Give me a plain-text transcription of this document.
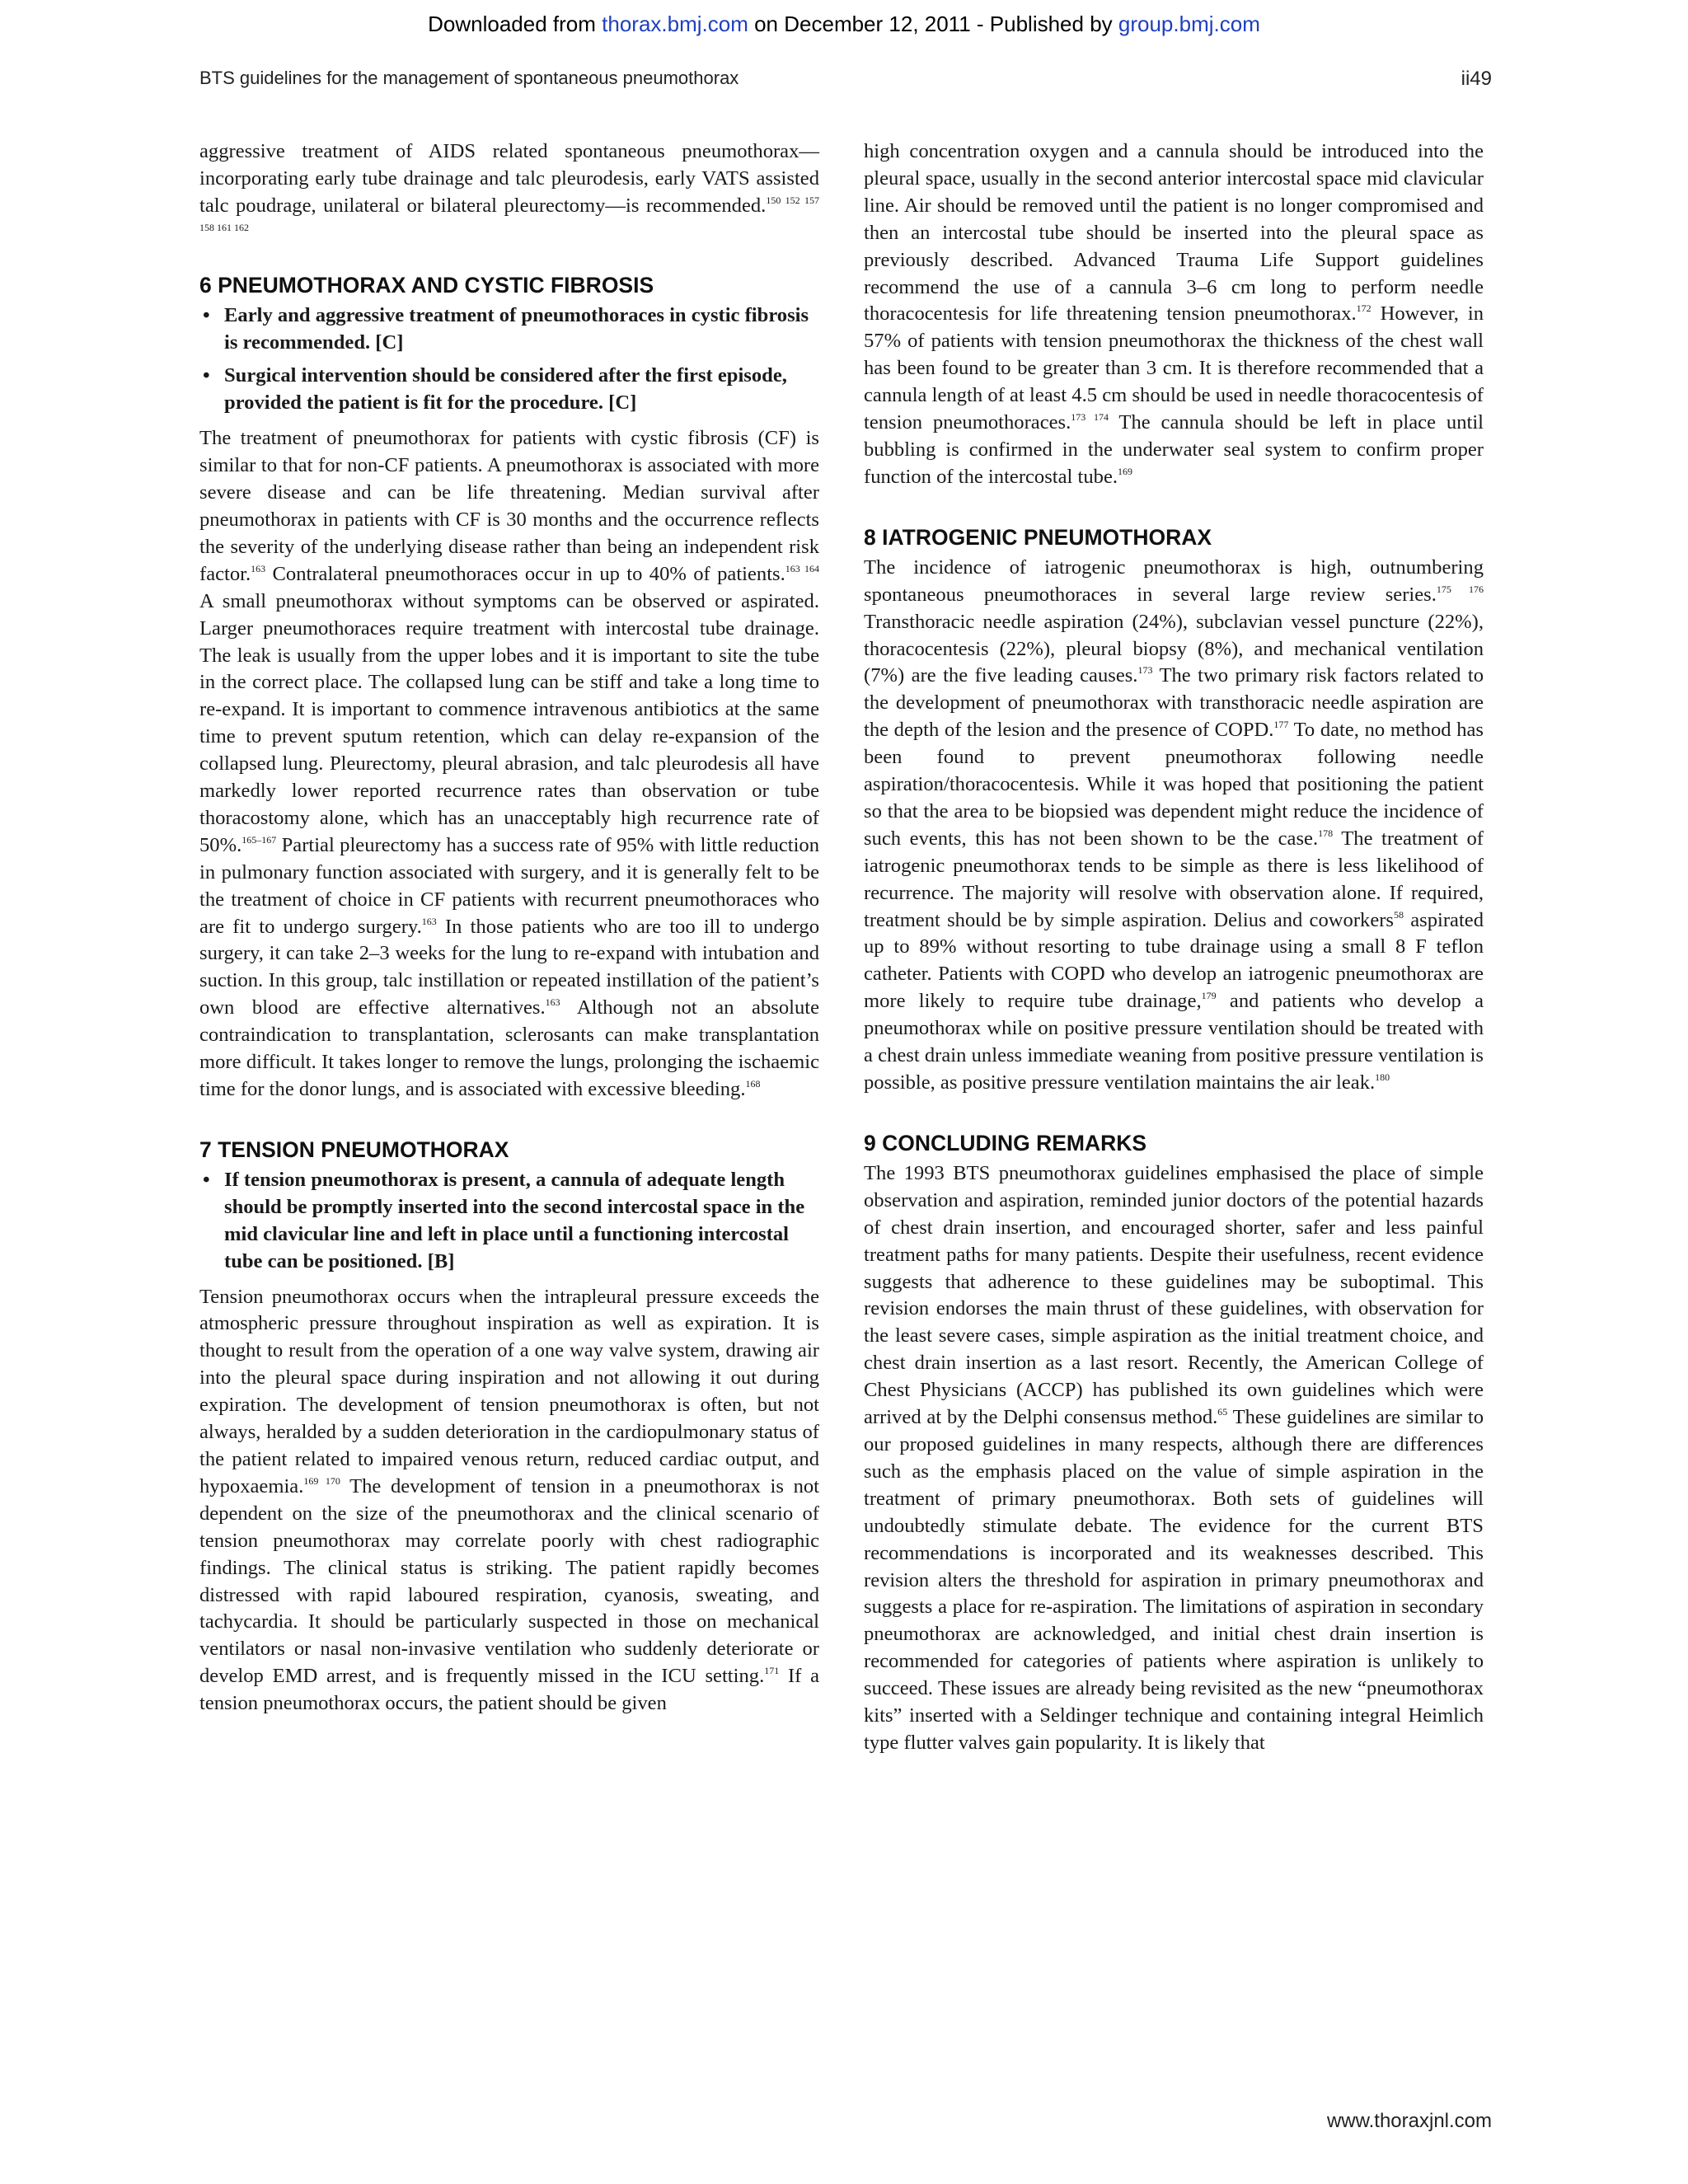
Downloaded from thorax.bmj.com on December 12, 2011 - Published by group.bmj.com
BTS guidelines for the management of spontaneous pneumothorax	ii49

aggressive treatment of AIDS related spontaneous pneumothorax—incorporating early tube drainage and talc pleurodesis, early VATS assisted talc poudrage, unilateral or bilateral pleurectomy—is recommended.$^{150 152 157 158 161 162}$

6 PNEUMOTHORAX AND CYSTIC FIBROSIS
• Early and aggressive treatment of pneumothoraces in cystic fibrosis is recommended. [C]
• Surgical intervention should be considered after the first episode, provided the patient is fit for the procedure. [C]

The treatment of pneumothorax for patients with cystic fibrosis (CF) is similar to that for non-CF patients. A pneumothorax is associated with more severe disease and can be life threatening. Median survival after pneumothorax in patients with CF is 30 months and the occurrence reflects the severity of the underlying disease rather than being an independent risk factor.$^{163}$ Contralateral pneumothoraces occur in up to 40% of patients.$^{163 164}$ A small pneumothorax without symptoms can be observed or aspirated. Larger pneumothoraces require treatment with intercostal tube drainage. The leak is usually from the upper lobes and it is important to site the tube in the correct place. The collapsed lung can be stiff and take a long time to re-expand. It is important to commence intravenous antibiotics at the same time to prevent sputum retention, which can delay re-expansion of the collapsed lung. Pleurectomy, pleural abrasion, and talc pleurodesis all have markedly lower reported recurrence rates than observation or tube thoracostomy alone, which has an unacceptably high recurrence rate of 50%.$^{165-167}$ Partial pleurectomy has a success rate of 95% with little reduction in pulmonary function associated with surgery, and it is generally felt to be the treatment of choice in CF patients with recurrent pneumothoraces who are fit to undergo surgery.$^{163}$ In those patients who are too ill to undergo surgery, it can take 2–3 weeks for the lung to re-expand with intubation and suction. In this group, talc instillation or repeated instillation of the patient’s own blood are effective alternatives.$^{163}$ Although not an absolute contraindication to transplantation, sclerosants can make transplantation more difficult. It takes longer to remove the lungs, prolonging the ischaemic time for the donor lungs, and is associated with excessive bleeding.$^{168}$

7 TENSION PNEUMOTHORAX
• If tension pneumothorax is present, a cannula of adequate length should be promptly inserted into the second intercostal space in the mid clavicular line and left in place until a functioning intercostal tube can be positioned. [B]

Tension pneumothorax occurs when the intrapleural pressure exceeds the atmospheric pressure throughout inspiration as well as expiration. It is thought to result from the operation of a one way valve system, drawing air into the pleural space during inspiration and not allowing it out during expiration. The development of tension pneumothorax is often, but not always, heralded by a sudden deterioration in the cardiopulmonary status of the patient related to impaired venous return, reduced cardiac output, and hypoxaemia.$^{169 170}$ The development of tension in a pneumothorax is not dependent on the size of the pneumothorax and the clinical scenario of tension pneumothorax may correlate poorly with chest radiographic findings. The clinical status is striking. The patient rapidly becomes distressed with rapid laboured respiration, cyanosis, sweating, and tachycardia. It should be particularly suspected in those on mechanical ventilators or nasal non-invasive ventilation who suddenly deteriorate or develop EMD arrest, and is frequently missed in the ICU setting.$^{171}$ If a tension pneumothorax occurs, the patient should be given

high concentration oxygen and a cannula should be introduced into the pleural space, usually in the second anterior intercostal space mid clavicular line. Air should be removed until the patient is no longer compromised and then an intercostal tube should be inserted into the pleural space as previously described. Advanced Trauma Life Support guidelines recommend the use of a cannula 3–6 cm long to perform needle thoracocentesis for life threatening tension pneumothorax.$^{172}$ However, in 57% of patients with tension pneumothorax the thickness of the chest wall has been found to be greater than 3 cm. It is therefore recommended that a cannula length of at least 4.5 cm should be used in needle thoracocentesis of tension pneumothoraces.$^{173 174}$ The cannula should be left in place until bubbling is confirmed in the underwater seal system to confirm proper function of the intercostal tube.$^{169}$

8 IATROGENIC PNEUMOTHORAX

The incidence of iatrogenic pneumothorax is high, outnumbering spontaneous pneumothoraces in several large review series.$^{175 176}$ Transthoracic needle aspiration (24%), subclavian vessel puncture (22%), thoracocentesis (22%), pleural biopsy (8%), and mechanical ventilation (7%) are the five leading causes.$^{173}$ The two primary risk factors related to the development of pneumothorax with transthoracic needle aspiration are the depth of the lesion and the presence of COPD.$^{177}$ To date, no method has been found to prevent pneumothorax following needle aspiration/thoracocentesis. While it was hoped that positioning the patient so that the area to be biopsied was dependent might reduce the incidence of such events, this has not been shown to be the case.$^{178}$ The treatment of iatrogenic pneumothorax tends to be simple as there is less likelihood of recurrence. The majority will resolve with observation alone. If required, treatment should be by simple aspiration. Delius and coworkers$^{58}$ aspirated up to 89% without resorting to tube drainage using a small 8 F teflon catheter. Patients with COPD who develop an iatrogenic pneumothorax are more likely to require tube drainage,$^{179}$ and patients who develop a pneumothorax while on positive pressure ventilation should be treated with a chest drain unless immediate weaning from positive pressure ventilation is possible, as positive pressure ventilation maintains the air leak.$^{180}$

9 CONCLUDING REMARKS

The 1993 BTS pneumothorax guidelines emphasised the place of simple observation and aspiration, reminded junior doctors of the potential hazards of chest drain insertion, and encouraged shorter, safer and less painful treatment paths for many patients. Despite their usefulness, recent evidence suggests that adherence to these guidelines may be suboptimal. This revision endorses the main thrust of these guidelines, with observation for the least severe cases, simple aspiration as the initial treatment choice, and chest drain insertion as a last resort. Recently, the American College of Chest Physicians (ACCP) has published its own guidelines which were arrived at by the Delphi consensus method.$^{65}$ These guidelines are similar to our proposed guidelines in many respects, although there are differences such as the emphasis placed on the value of simple aspiration in the treatment of primary pneumothorax. Both sets of guidelines will undoubtedly stimulate debate. The evidence for the current BTS recommendations is incorporated and its weaknesses described. This revision alters the threshold for aspiration in primary pneumothorax and suggests a place for re-aspiration. The limitations of aspiration in secondary pneumothorax are acknowledged, and initial chest drain insertion is recommended for categories of patients where aspiration is unlikely to succeed. These issues are already being revisited as the new “pneumothorax kits” inserted with a Seldinger technique and containing integral Heimlich type flutter valves gain popularity. It is likely that

www.thoraxjnl.com
